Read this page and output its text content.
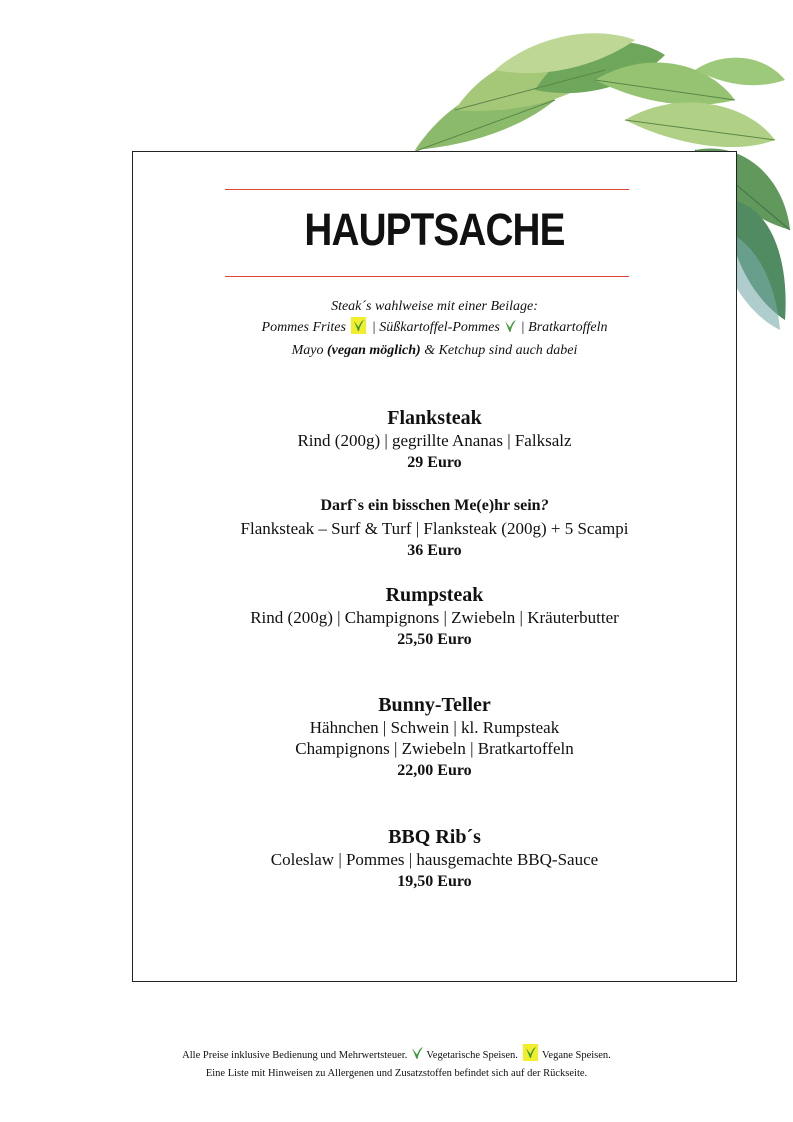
HAUPTSACHE
Steak´s wahlweise mit einer Beilage:
Pommes Frites | Süßkartoffel-Pommes | Bratkartoffeln
Mayo (vegan möglich) & Ketchup sind auch dabei
Flanksteak
Rind (200g) | gegrillte Ananas | Falksalz
29 Euro
Darf`s ein bisschen Me(e)hr sein?
Flanksteak – Surf & Turf | Flanksteak (200g) + 5 Scampi
36 Euro
Rumpsteak
Rind (200g) | Champignons | Zwiebeln | Kräuterbutter
25,50 Euro
Bunny-Teller
Hähnchen | Schwein | kl. Rumpsteak
Champignons | Zwiebeln | Bratkartoffeln
22,00 Euro
BBQ Rib´s
Coleslaw | Pommes | hausgemachte BBQ-Sauce
19,50 Euro
Alle Preise inklusive Bedienung und Mehrwertsteuer. Vegetarische Speisen. Vegane Speisen.
Eine Liste mit Hinweisen zu Allergenen und Zusatzstoffen befindet sich auf der Rückseite.
